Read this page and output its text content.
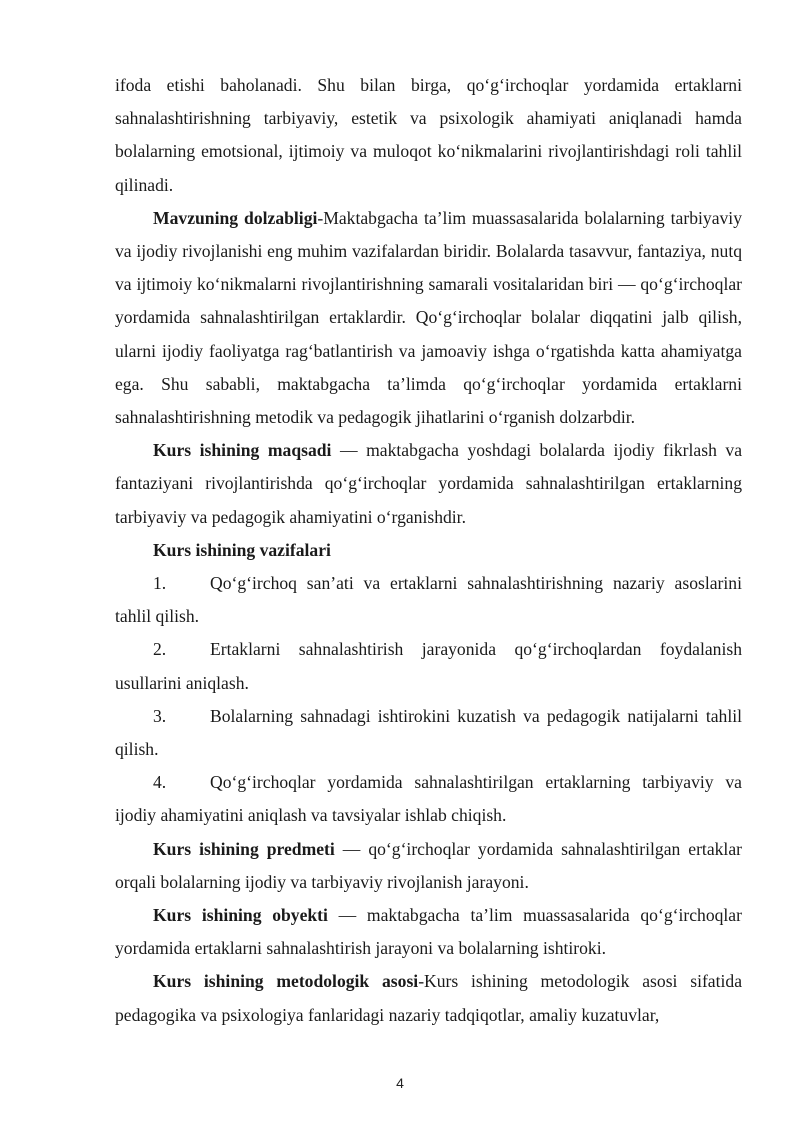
ifoda etishi baholanadi. Shu bilan birga, qo‘g‘irchoqlar yordamida ertaklarni sahnalashtirishning tarbiyaviy, estetik va psixologik ahamiyati aniqlanadi hamda bolalarning emotsional, ijtimoiy va muloqot ko‘nikmalarini rivojlantirishdagi roli tahlil qilinadi.

Mavzuning dolzabligi-Maktabgacha ta’lim muassasalarida bolalarning tarbiyaviy va ijodiy rivojlanishi eng muhim vazifalardan biridir. Bolalarda tasavvur, fantaziya, nutq va ijtimoiy ko‘nikmalarni rivojlantirishning samarali vositalaridan biri — qo‘g‘irchoqlar yordamida sahnalashtirilgan ertaklardir. Qo‘g‘irchoqlar bolalar diqqatini jalb qilish, ularni ijodiy faoliyatga rag‘batlantirish va jamoaviy ishga o‘rgatishda katta ahamiyatga ega. Shu sababli, maktabgacha ta’limda qo‘g‘irchoqlar yordamida ertaklarni sahnalashtirishning metodik va pedagogik jihatlarini o‘rganish dolzarbdir.

Kurs ishining maqsadi — maktabgacha yoshdagi bolalarda ijodiy fikrlash va fantaziyani rivojlantirishda qo‘g‘irchoqlar yordamida sahnalashtirilgan ertaklarning tarbiyaviy va pedagogik ahamiyatini o‘rganishdir.

Kurs ishining vazifalari

1. Qo‘g‘irchoq san’ati va ertaklarni sahnalashtirishning nazariy asoslarini tahlil qilish.

2. Ertaklarni sahnalashtirish jarayonida qo‘g‘irchoqlardan foydalanish usullarini aniqlash.

3. Bolalarning sahnadagi ishtirokini kuzatish va pedagogik natijalarni tahlil qilish.

4. Qo‘g‘irchoqlar yordamida sahnalashtirilgan ertaklarning tarbiyaviy va ijodiy ahamiyatini aniqlash va tavsiyalar ishlab chiqish.

Kurs ishining predmeti — qo‘g‘irchoqlar yordamida sahnalashtirilgan ertaklar orqali bolalarning ijodiy va tarbiyaviy rivojlanish jarayoni.

Kurs ishining obyekti — maktabgacha ta’lim muassasalarida qo‘g‘irchoqlar yordamida ertaklarni sahnalashtirish jarayoni va bolalarning ishtiroki.

Kurs ishining metodologik asosi-Kurs ishining metodologik asosi sifatida pedagogika va psixologiya fanlaridagi nazariy tadqiqotlar, amaliy kuzatuvlar,

4
